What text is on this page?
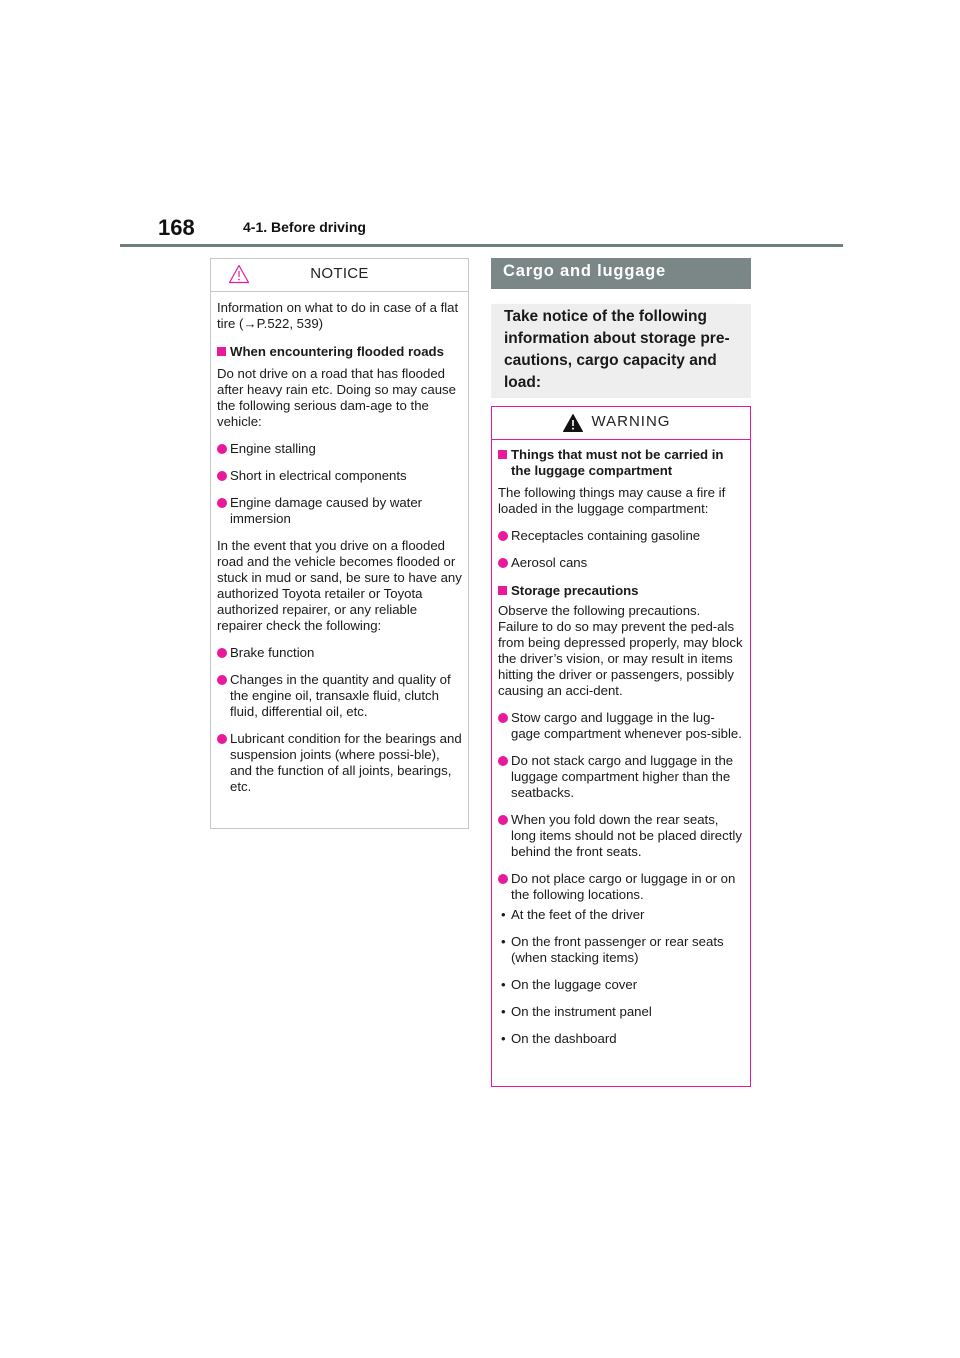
168	4-1. Before driving
NOTICE

Information on what to do in case of a flat tire (→P.522, 539)

When encountering flooded roads

Do not drive on a road that has flooded after heavy rain etc. Doing so may cause the following serious dam-age to the vehicle:

Engine stalling

Short in electrical components

Engine damage caused by water immersion

In the event that you drive on a flooded road and the vehicle becomes flooded or stuck in mud or sand, be sure to have any authorized Toyota retailer or Toyota authorized repairer, or any reliable repairer check the following:

Brake function

Changes in the quantity and quality of the engine oil, transaxle fluid, clutch fluid, differential oil, etc.

Lubricant condition for the bearings and suspension joints (where possi-ble), and the function of all joints, bearings, etc.

Cargo and luggage
Take notice of the following information about storage pre-cautions, cargo capacity and load:
WARNING

Things that must not be carried in the luggage compartment

The following things may cause a fire if loaded in the luggage compartment:

Receptacles containing gasoline

Aerosol cans

Storage precautions

Observe the following precautions. Failure to do so may prevent the ped-als from being depressed properly, may block the driver’s vision, or may result in items hitting the driver or passengers, possibly causing an acci-dent.

Stow cargo and luggage in the lug-gage compartment whenever pos-sible.

Do not stack cargo and luggage in the luggage compartment higher than the seatbacks.

When you fold down the rear seats, long items should not be placed directly behind the front seats.

Do not place cargo or luggage in or on the following locations.

• At the feet of the driver

• On the front passenger or rear seats (when stacking items)

• On the luggage cover

• On the instrument panel

• On the dashboard
